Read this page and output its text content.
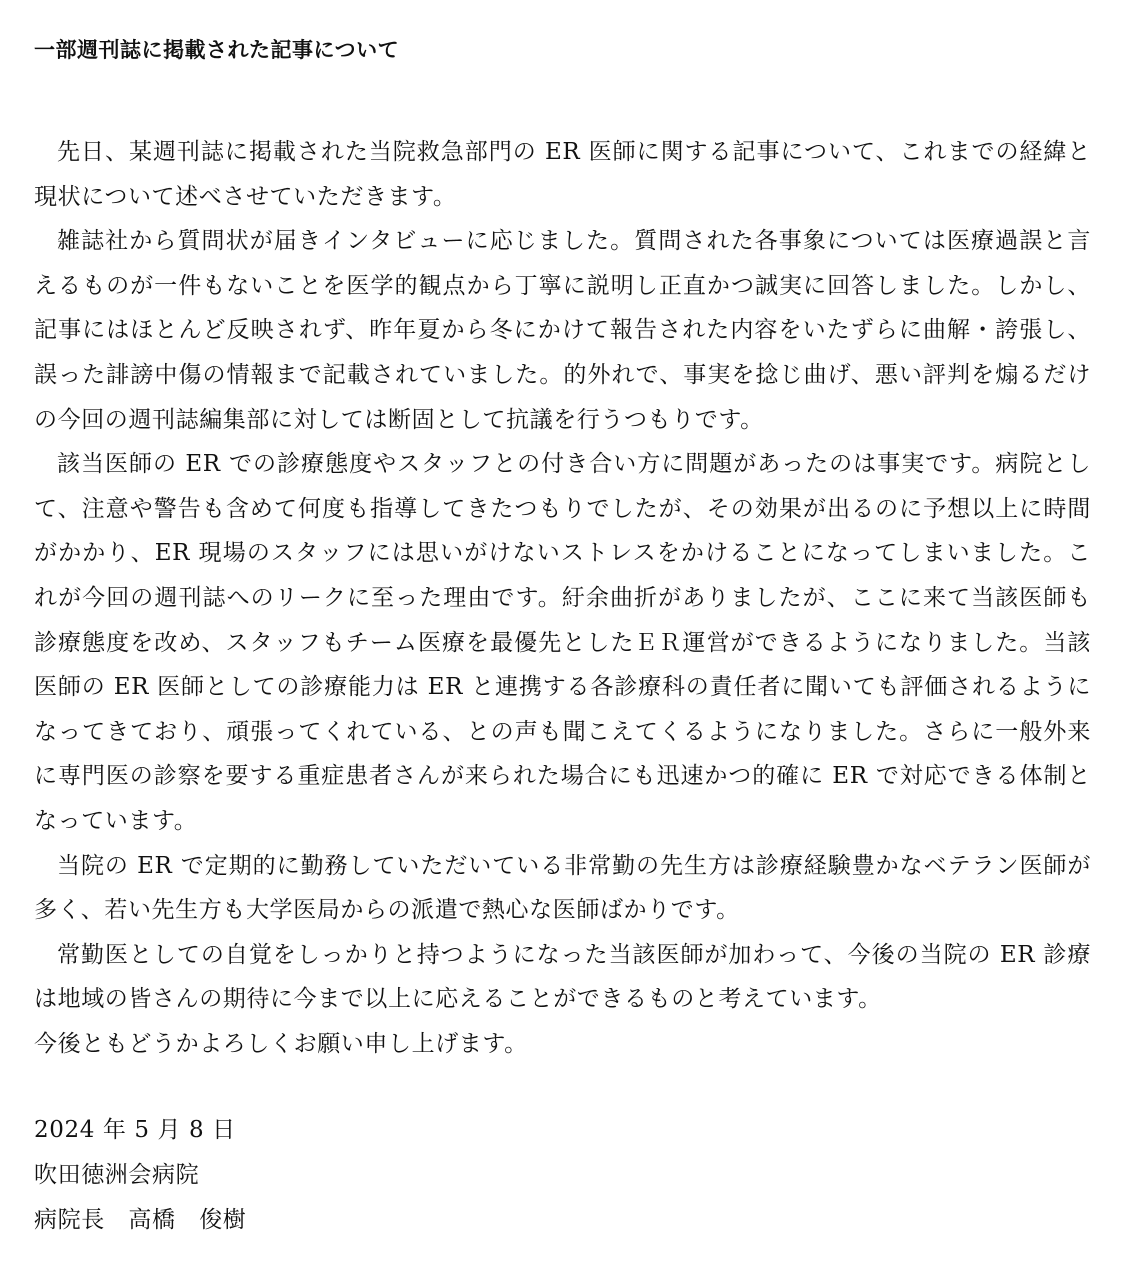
一部週刊誌に掲載された記事について

先日、某週刊誌に掲載された当院救急部門の ER 医師に関する記事について、これまでの経緯と現状について述べさせていただきます。

雑誌社から質問状が届きインタビューに応じました。質問された各事象については医療過誤と言えるものが一件もないことを医学的観点から丁寧に説明し正直かつ誠実に回答しました。しかし、記事にはほとんど反映されず、昨年夏から冬にかけて報告された内容をいたずらに曲解・誇張し、誤った誹謗中傷の情報まで記載されていました。的外れで、事実を捻じ曲げ、悪い評判を煽るだけの今回の週刊誌編集部に対しては断固として抗議を行うつもりです。

該当医師の ER での診療態度やスタッフとの付き合い方に問題があったのは事実です。病院として、注意や警告も含めて何度も指導してきたつもりでしたが、その効果が出るのに予想以上に時間がかかり、ER 現場のスタッフには思いがけないストレスをかけることになってしまいました。これが今回の週刊誌へのリークに至った理由です。紆余曲折がありましたが、ここに来て当該医師も診療態度を改め、スタッフもチーム医療を最優先としたＥＲ運営ができるようになりました。当該医師の ER 医師としての診療能力は ER と連携する各診療科の責任者に聞いても評価されるようになってきており、頑張ってくれている、との声も聞こえてくるようになりました。さらに一般外来に専門医の診察を要する重症患者さんが来られた場合にも迅速かつ的確に ER で対応できる体制となっています。

当院の ER で定期的に勤務していただいている非常勤の先生方は診療経験豊かなベテラン医師が多く、若い先生方も大学医局からの派遣で熱心な医師ばかりです。

常勤医としての自覚をしっかりと持つようになった当該医師が加わって、今後の当院の ER 診療は地域の皆さんの期待に今まで以上に応えることができるものと考えています。

今後ともどうかよろしくお願い申し上げます。

2024 年 5 月 8 日

吹田徳洲会病院

病院長　高橋　俊樹
